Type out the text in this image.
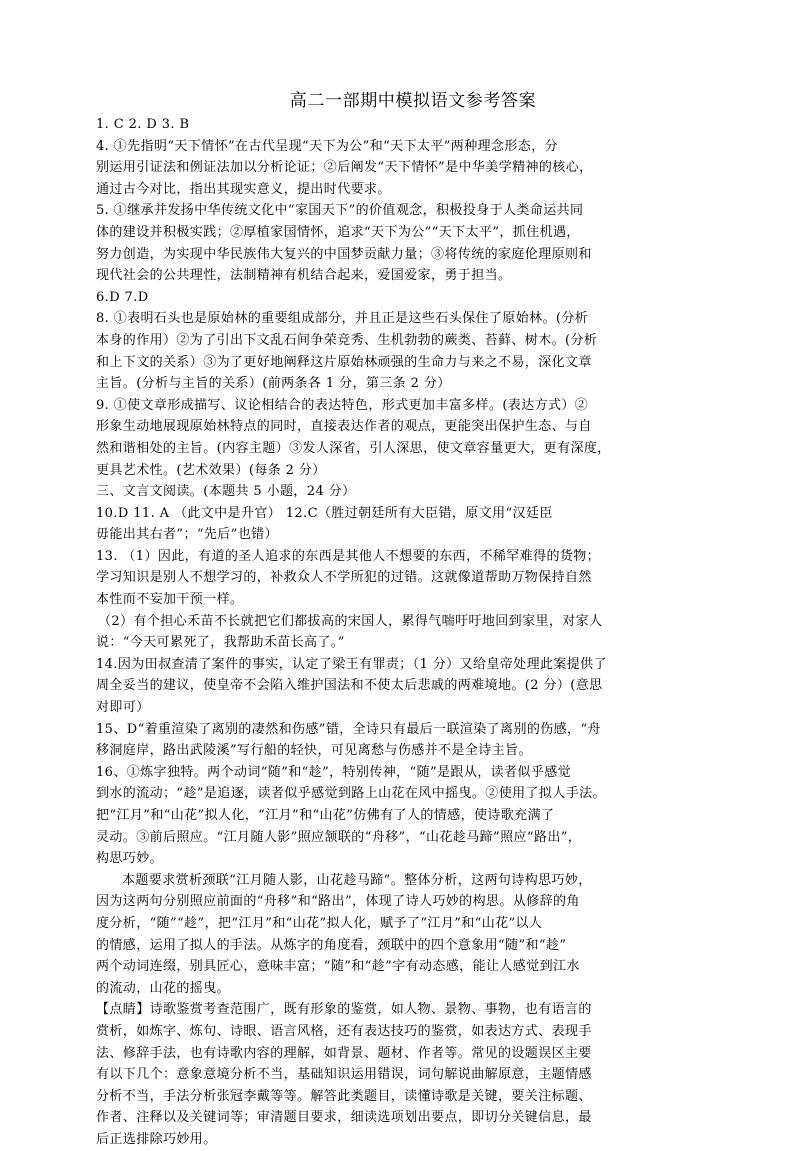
高二一部期中模拟语文参考答案

1. C 2. D 3. B

4. ①先指明“天下情怀”在古代呈现“天下为公”和“天下太平”两种理念形态，分

别运用引证法和例证法加以分析论证；②后阐发“天下情怀”是中华美学精神的核心，

通过古今对比，指出其现实意义，提出时代要求。

5. ①继承并发扬中华传统文化中“家国天下”的价值观念，积极投身于人类命运共同

体的建设并积极实践；②厚植家国情怀，追求“天下为公”“天下太平”，抓住机遇，

努力创造，为实现中华民族伟大复兴的中国梦贡献力量；③将传统的家庭伦理原则和

现代社会的公共理性，法制精神有机结合起来，爱国爱家，勇于担当。

6.D 7.D

8. ①表明石头也是原始林的重要组成部分，并且正是这些石头保住了原始林。(分析

本身的作用）②为了引出下文乱石间争荣竞秀、生机勃勃的蕨类、苔藓、树木。(分析

和上下文的关系）③为了更好地阐释这片原始林顽强的生命力与来之不易，深化文章

主旨。(分析与主旨的关系）(前两条各 1 分，第三条 2 分）

9. ①使文章形成描写、议论相结合的表达特色，形式更加丰富多样。(表达方式）②

形象生动地展现原始林特点的同时，直接表达作者的观点，更能突出保护生态、与自

然和谐相处的主旨。(内容主题）③发人深省，引人深思，使文章容量更大，更有深度，

更具艺术性。(艺术效果）(每条 2 分）

三、文言文阅读。(本题共 5 小题，24 分）

10.D 11. A （此文中是升官） 12.C（胜过朝廷所有大臣错，原文用“汉廷臣

毋能出其右者”；“先后”也错）

13. （1）因此，有道的圣人追求的东西是其他人不想要的东西，不稀罕难得的货物；

学习知识是别人不想学习的，补救众人不学所犯的过错。这就像道帮助万物保持自然

本性而不妄加干预一样。

（2）有个担心禾苗不长就把它们都拔高的宋国人，累得气喘吁吁地回到家里，对家人

说：“今天可累死了，我帮助禾苗长高了。”

14.因为田叔查清了案件的事实，认定了梁王有罪责；（1 分）又给皇帝处理此案提供了

周全妥当的建议，使皇帝不会陷入维护国法和不使太后悲戚的两难境地。(2 分）(意思

对即可）

15、D“着重渲染了离别的凄然和伤感”错，全诗只有最后一联渲染了离别的伤感，“舟

移洞庭岸，路出武陵溪”写行船的轻快，可见离愁与伤感并不是全诗主旨。

16、①炼字独特。两个动词“随”和“趁”，特别传神，“随”是跟从，读者似乎感觉

到水的流动；“趁”是追逐，读者似乎感觉到路上山花在风中摇曳。②使用了拟人手法。

把“江月”和“山花”拟人化，“江月”和“山花”仿佛有了人的情感，使诗歌充满了

灵动。③前后照应。“江月随人影”照应颔联的“舟移”，“山花趁马蹄”照应“路出”，

构思巧妙。

本题要求赏析颈联“江月随人影，山花趁马蹄”。整体分析，这两句诗构思巧妙，

因为这两句分别照应前面的“舟移”和“路出”，体现了诗人巧妙的构思。从修辞的角

度分析，“随”“趁”，把“江月”和“山花”拟人化，赋予了“江月”和“山花”以人

的情感，运用了拟人的手法。从炼字的角度看，颈联中的四个意象用“随”和“趁”

两个动词连缀，别具匠心，意味丰富；“随”和“趁”字有动态感，能让人感觉到江水

的流动，山花的摇曳。

【点睛】诗歌鉴赏考查范围广，既有形象的鉴赏，如人物、景物、事物，也有语言的

赏析，如炼字、炼句、诗眼、语言风格，还有表达技巧的鉴赏，如表达方式、表现手

法、修辞手法，也有诗歌内容的理解，如背景、题材、作者等。常见的设题误区主要

有以下几个：意象意境分析不当，基础知识运用错误，词句解说曲解原意，主题情感

分析不当，手法分析张冠李戴等等。解答此类题目，读懂诗歌是关键，要关注标题、

作者、注释以及关键词等；审清题目要求，细读选项划出要点，即切分关键信息，最

后正选排除巧妙用。
